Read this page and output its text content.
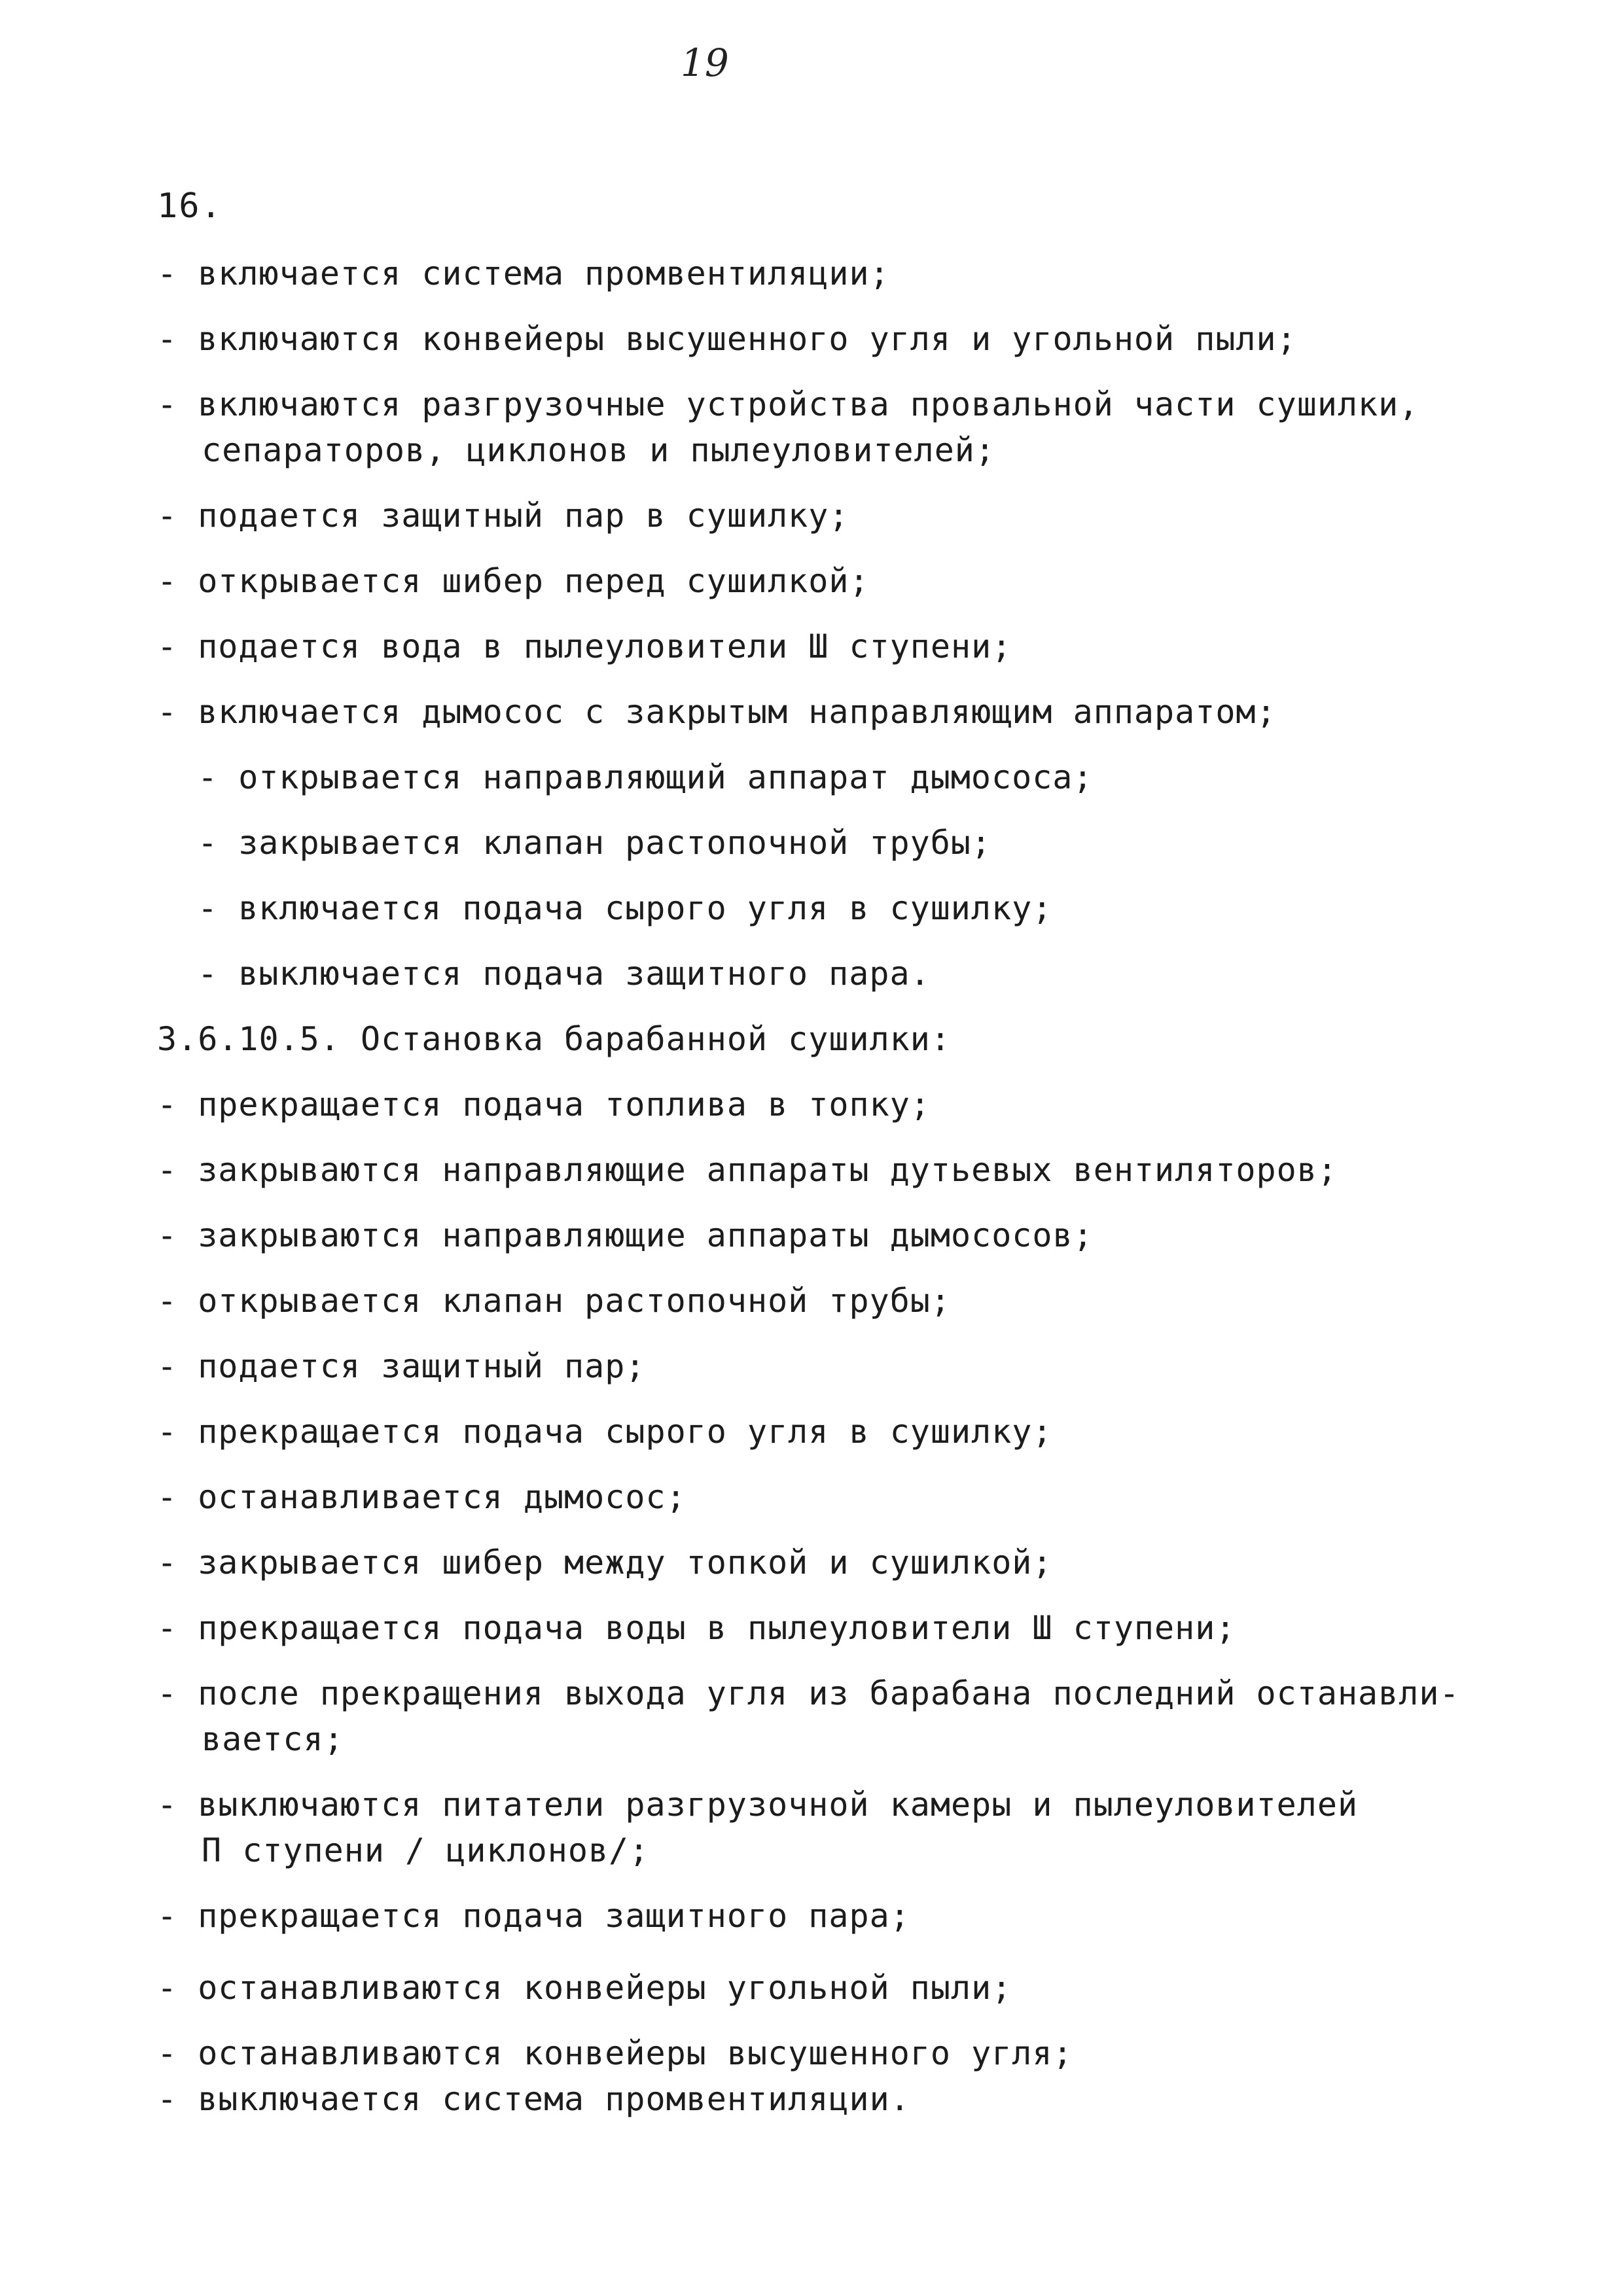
19
16.
- включается система промвентиляции;
- включаются конвейеры высушенного угля и угольной пыли;
- включаются разгрузочные устройства провальной части сушилки,
сепараторов, циклонов и пылеуловителей;
- подается защитный пар в сушилку;
- открывается шибер перед сушилкой;
- подается вода в пылеуловители Ш ступени;
- включается дымосос с закрытым направляющим аппаратом;
- открывается направляющий аппарат дымососа;
- закрывается клапан растопочной трубы;
- включается подача сырого угля в сушилку;
- выключается подача защитного пара.
3.6.10.5. Остановка барабанной сушилки:
- прекращается подача топлива в топку;
- закрываются направляющие аппараты дутьевых вентиляторов;
- закрываются направляющие аппараты дымососов;
- открывается клапан растопочной трубы;
- подается защитный пар;
- прекращается подача сырого угля в сушилку;
- останавливается дымосос;
- закрывается шибер между топкой и сушилкой;
- прекращается подача воды в пылеуловители Ш ступени;
- после прекращения выхода угля из барабана последний останавли-
вается;
- выключаются питатели разгрузочной камеры и пылеуловителей
П ступени / циклонов/;
- прекращается подача защитного пара;
- останавливаются конвейеры угольной пыли;
- останавливаются конвейеры высушенного угля;
- выключается система промвентиляции.
